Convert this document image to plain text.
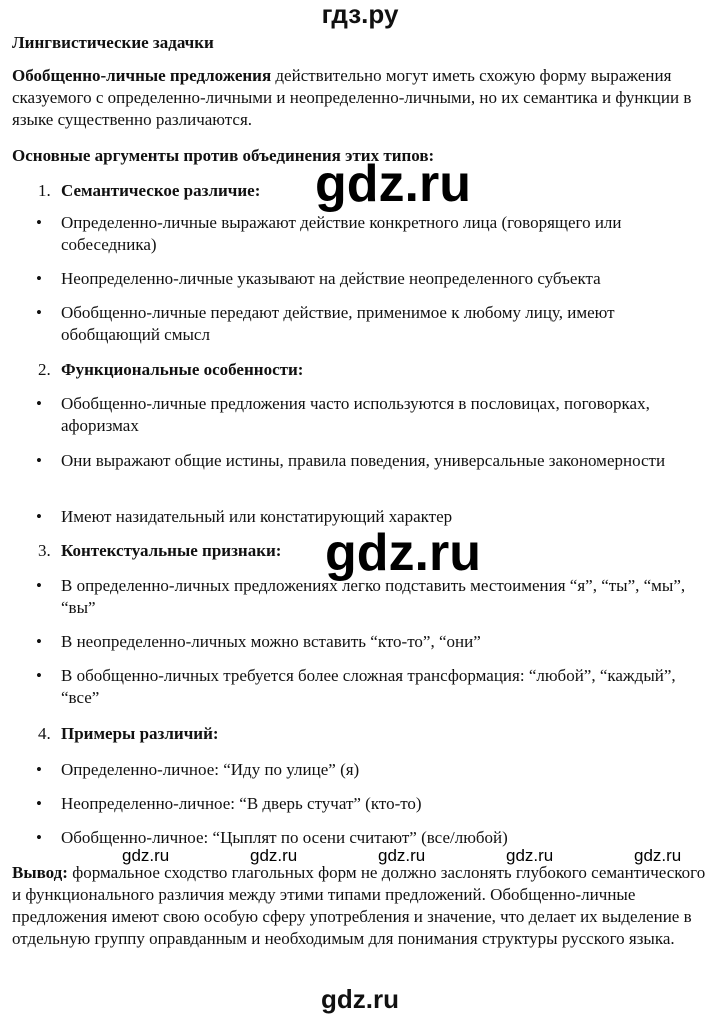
гдз.ру
Лингвистические задачки
Обобщенно-личные предложения действительно могут иметь схожую форму выражения сказуемого с определенно-личными и неопределенно-личными, но их семантика и функции в языке существенно различаются.
Основные аргументы против объединения этих типов:
1. Семантическое различие:
• Определенно-личные выражают действие конкретного лица (говорящего или собеседника)
• Неопределенно-личные указывают на действие неопределенного субъекта
• Обобщенно-личные передают действие, применимое к любому лицу, имеют обобщающий смысл
2. Функциональные особенности:
• Обобщенно-личные предложения часто используются в пословицах, поговорках, афоризмах
• Они выражают общие истины, правила поведения, универсальные закономерности
• Имеют назидательный или констатирующий характер
3. Контекстуальные признаки:
• В определенно-личных предложениях легко подставить местоимения “я”, “ты”, “мы”, “вы”
• В неопределенно-личных можно вставить “кто-то”, “они”
• В обобщенно-личных требуется более сложная трансформация: “любой”, “каждый”, “все”
4. Примеры различий:
• Определенно-личное: “Иду по улице” (я)
• Неопределенно-личное: “В дверь стучат” (кто-то)
• Обобщенно-личное: “Цыплят по осени считают” (все/любой)
gdz.ru	gdz.ru	gdz.ru	gdz.ru	gdz.ru
Вывод: формальное сходство глагольных форм не должно заслонять глубокого семантического и функционального различия между этими типами предложений. Обобщенно-личные предложения имеют свою особую сферу употребления и значение, что делает их выделение в отдельную группу оправданным и необходимым для понимания структуры русского языка.
gdz.ru
gdz.ru
gdz.ru
